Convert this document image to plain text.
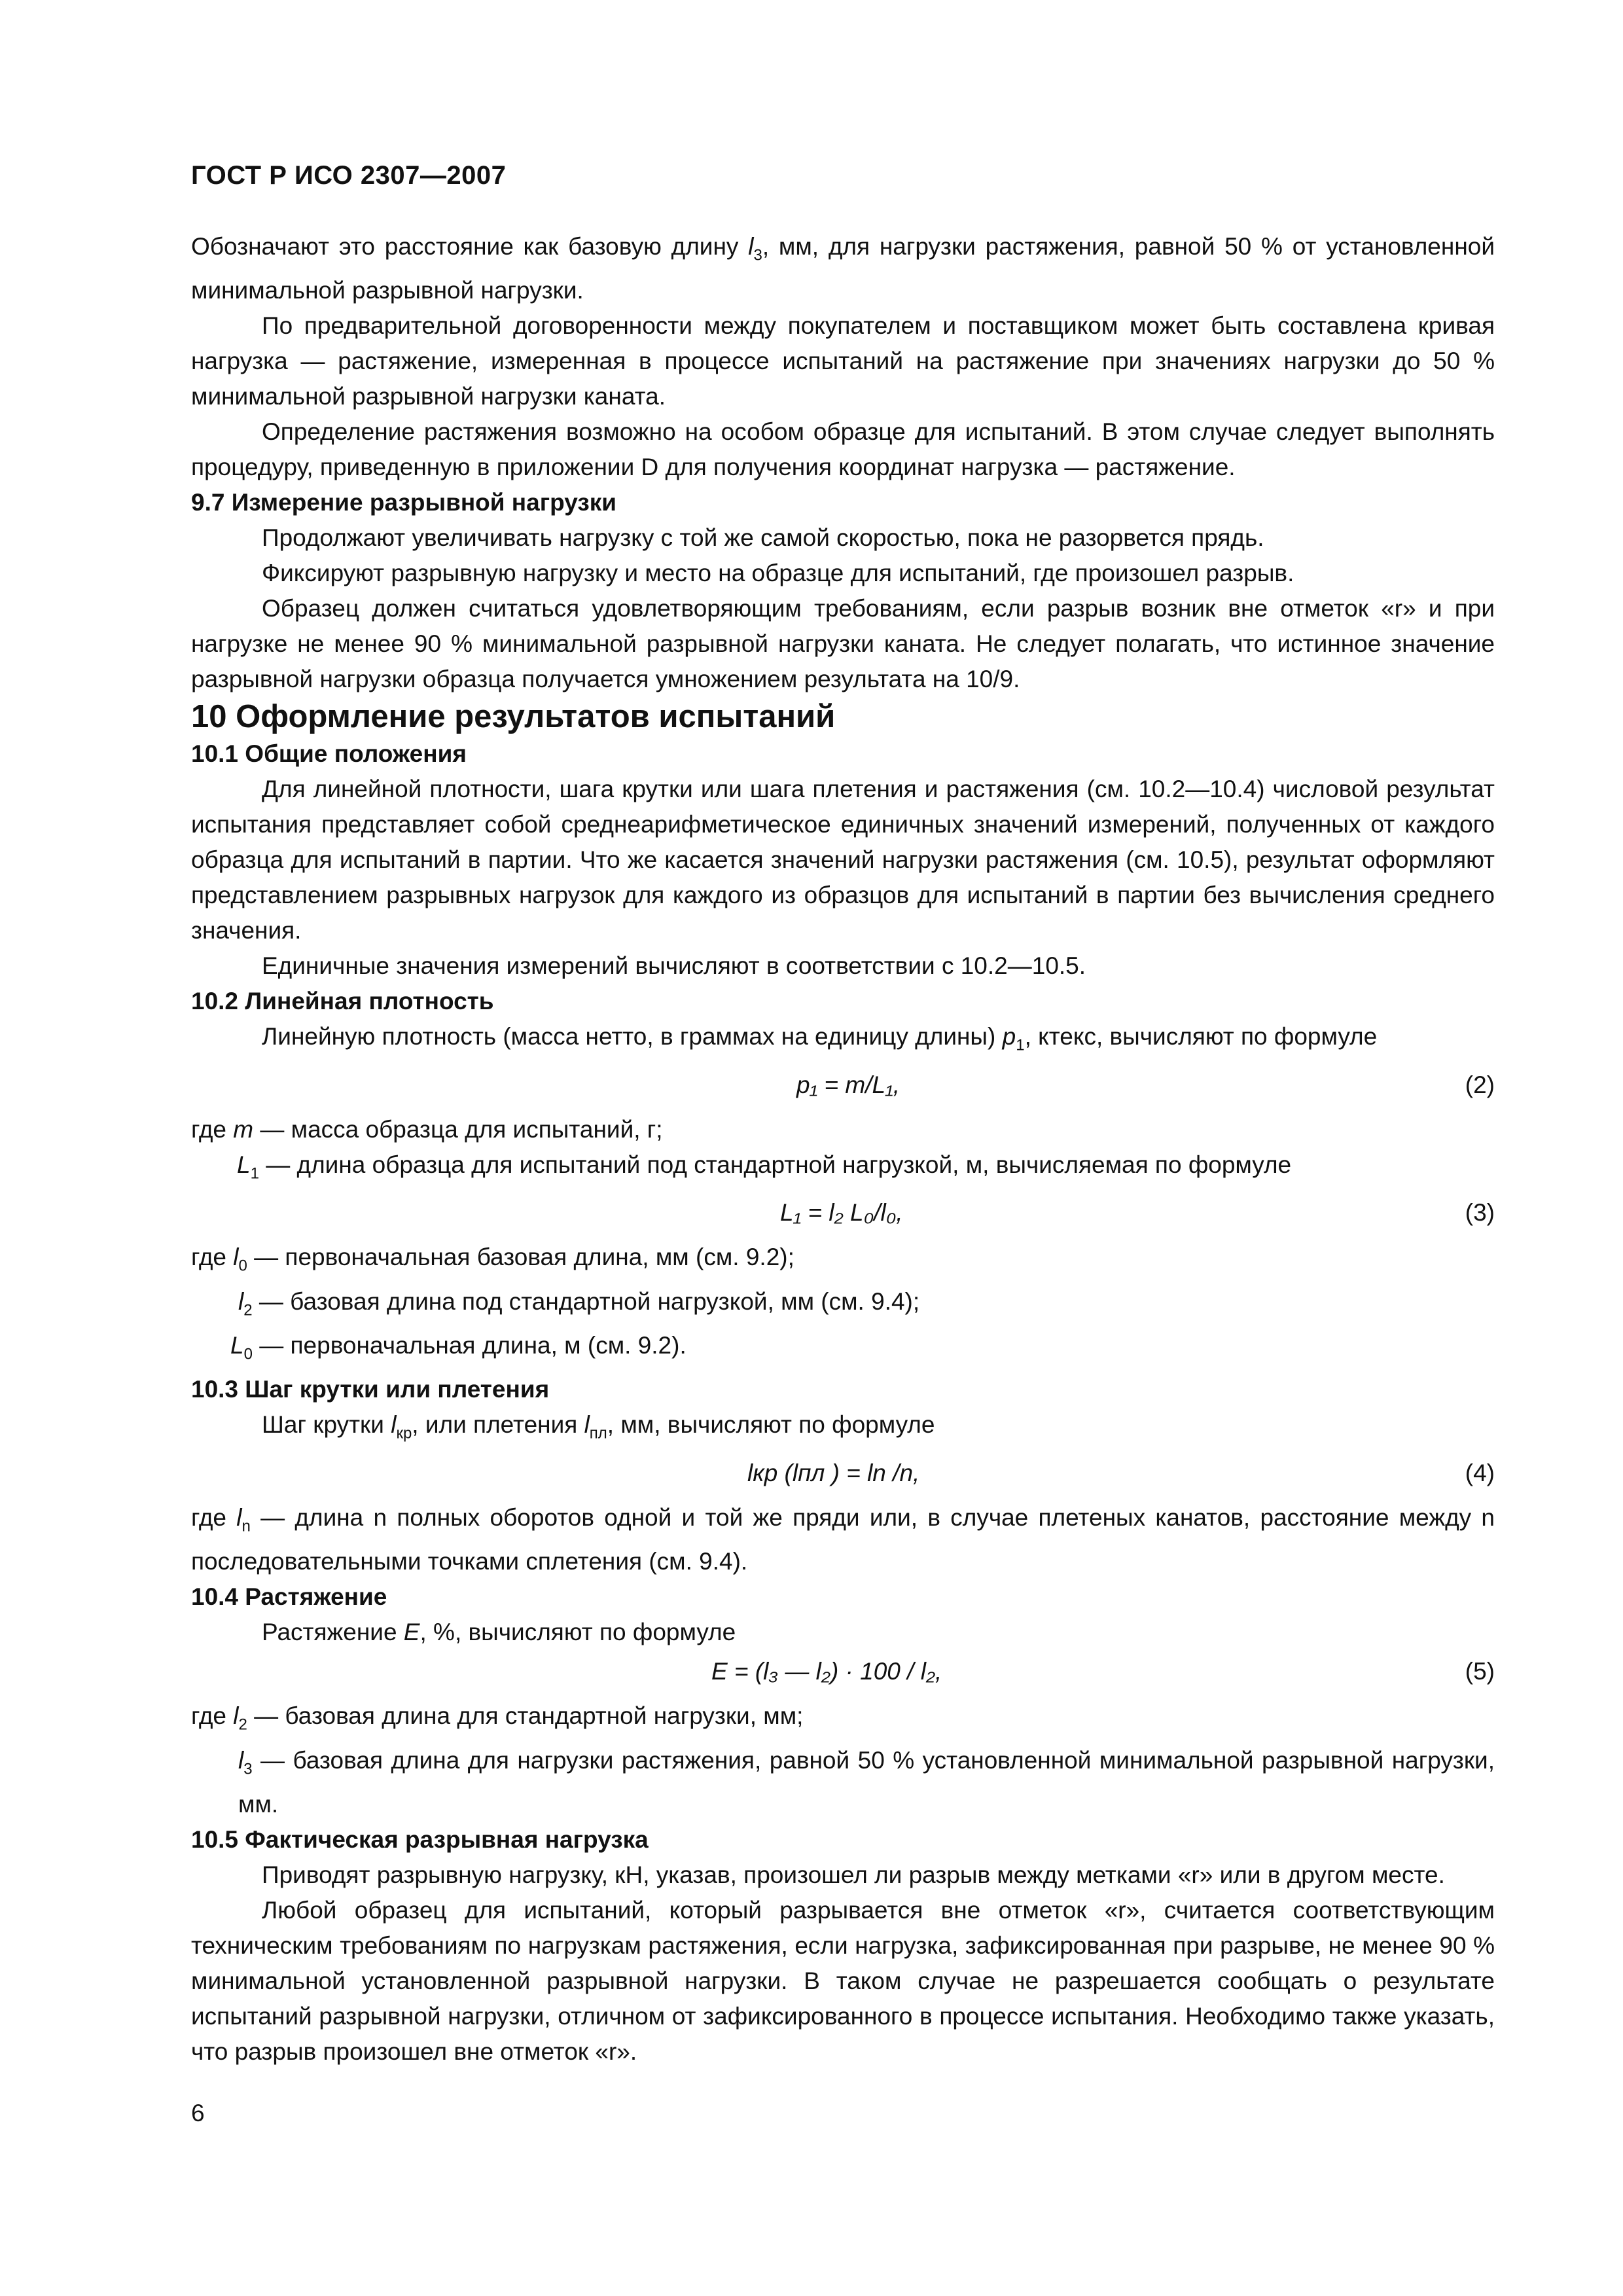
ГОСТ Р ИСО 2307—2007

Обозначают это расстояние как базовую длину $l_3$, мм, для нагрузки растяжения, равной 50 % от установленной минимальной разрывной нагрузки.

По предварительной договоренности между покупателем и поставщиком может быть составлена кривая нагрузка — растяжение, измеренная в процессе испытаний на растяжение при значениях нагрузки до 50 % минимальной разрывной нагрузки каната.

Определение растяжения возможно на особом образце для испытаний. В этом случае следует выполнять процедуру, приведенную в приложении D для получения координат нагрузка — растяжение.

9.7 Измерение разрывной нагрузки

Продолжают увеличивать нагрузку с той же самой скоростью, пока не разорвется прядь.

Фиксируют разрывную нагрузку и место на образце для испытаний, где произошел разрыв.

Образец должен считаться удовлетворяющим требованиям, если разрыв возник вне отметок «r» и при нагрузке не менее 90 % минимальной разрывной нагрузки каната. Не следует полагать, что истинное значение разрывной нагрузки образца получается умножением результата на 10/9.

10 Оформление результатов испытаний

10.1 Общие положения

Для линейной плотности, шага крутки или шага плетения и растяжения (см. 10.2—10.4) числовой результат испытания представляет собой среднеарифметическое единичных значений измерений, полученных от каждого образца для испытаний в партии. Что же касается значений нагрузки растяжения (см. 10.5), результат оформляют представлением разрывных нагрузок для каждого из образцов для испытаний в партии без вычисления среднего значения.

Единичные значения измерений вычисляют в соответствии с 10.2—10.5.

10.2 Линейная плотность

Линейную плотность (масса нетто, в граммах на единицу длины) $p_1$, ктекс, вычисляют по формуле

p₁ = m/L₁,	(2)

где m — масса образца для испытаний, г;

$L_1$ — длина образца для испытаний под стандартной нагрузкой, м, вычисляемая по формуле

L₁ = l₂ L₀/l₀,	(3)

где $l_0$ — первоначальная базовая длина, мм (см. 9.2);

$l_2$ — базовая длина под стандартной нагрузкой, мм (см. 9.4);

$L_0$ — первоначальная длина, м (см. 9.2).

10.3 Шаг крутки или плетения

Шаг крутки $l_{кр}$, или плетения $l_{пл}$, мм, вычисляют по формуле

lкр (lпл ) = ln /n,	(4)

где $l_n$ — длина n полных оборотов одной и той же пряди или, в случае плетеных канатов, расстояние между n последовательными точками сплетения (см. 9.4).

10.4 Растяжение

Растяжение E, %, вычисляют по формуле

E = (l₃ — l₂) · 100 / l₂,	(5)

где $l_2$ — базовая длина для стандартной нагрузки, мм;

$l_3$ — базовая длина для нагрузки растяжения, равной 50 % установленной минимальной разрывной нагрузки, мм.

10.5 Фактическая разрывная нагрузка

Приводят разрывную нагрузку, кН, указав, произошел ли разрыв между метками «r» или в другом месте.

Любой образец для испытаний, который разрывается вне отметок «r», считается соответствующим техническим требованиям по нагрузкам растяжения, если нагрузка, зафиксированная при разрыве, не менее 90 % минимальной установленной разрывной нагрузки. В таком случае не разрешается сообщать о результате испытаний разрывной нагрузки, отличном от зафиксированного в процессе испытания. Необходимо также указать, что разрыв произошел вне отметок «r».

6
